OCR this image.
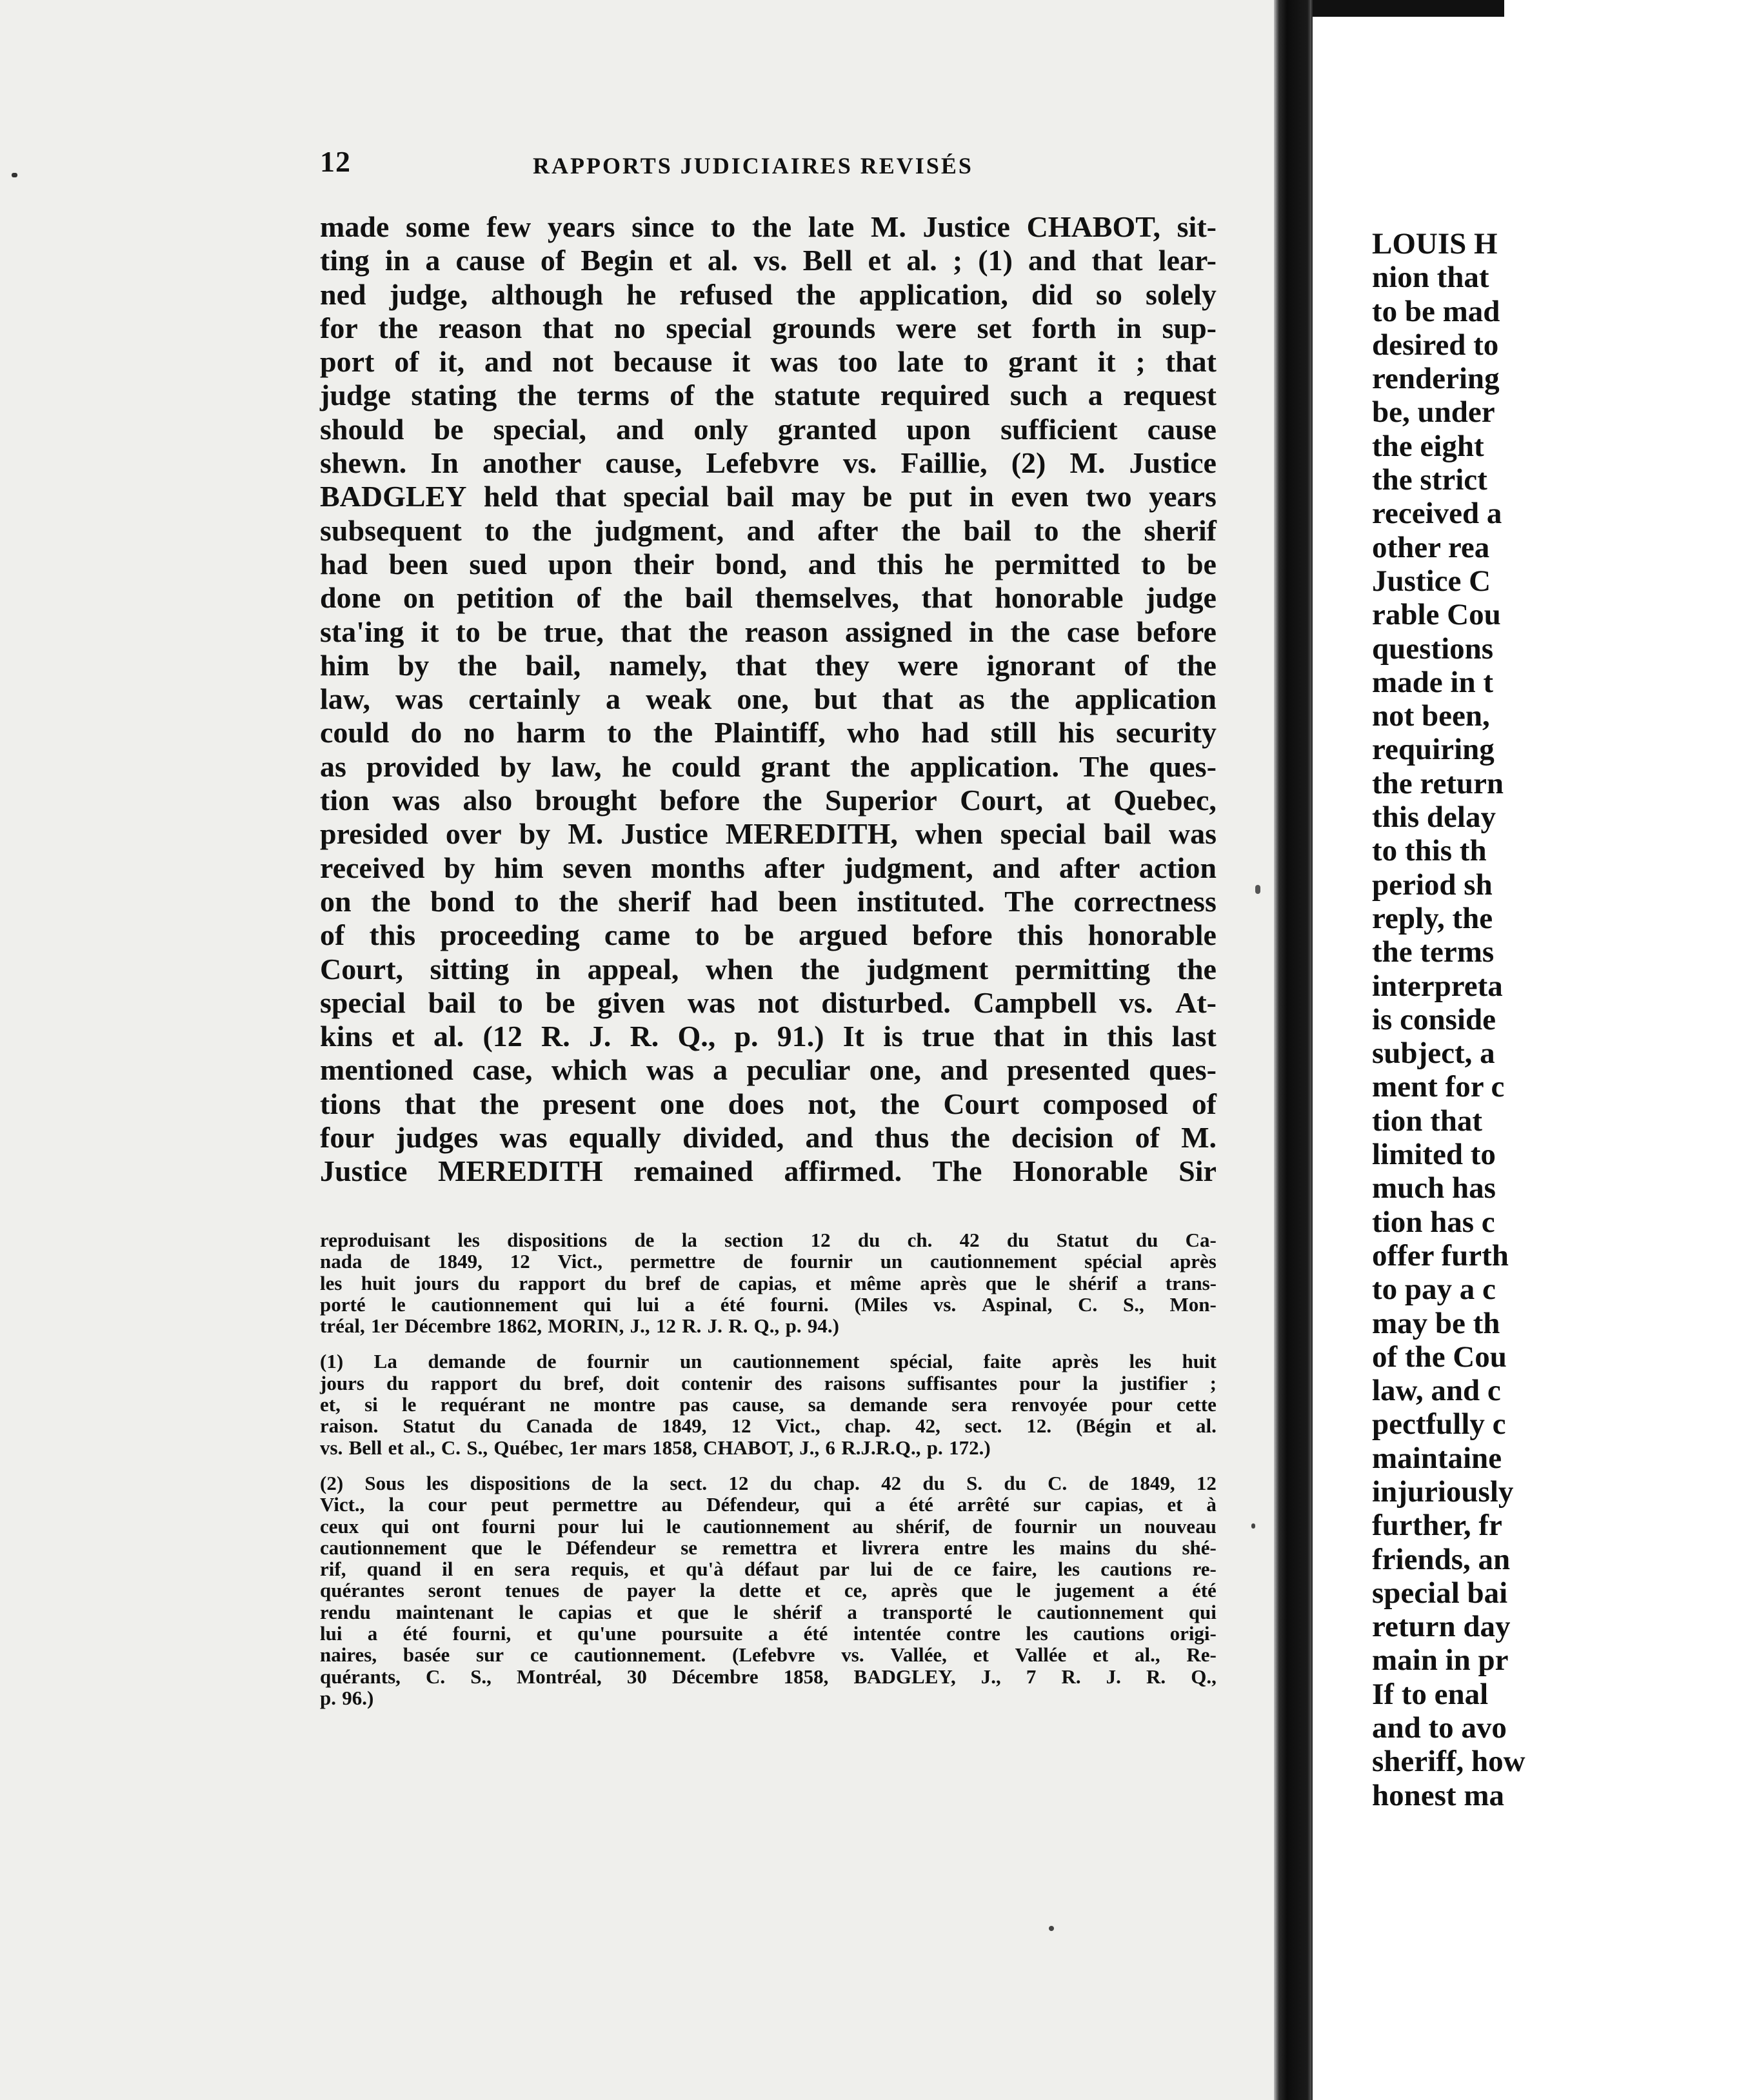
12	RAPPORTS JUDICIAIRES REVISÉS
made some few years since to the late M. Justice CHABOT, sit-
ting in a cause of Begin et al. vs. Bell et al. ; (1) and that lear-
ned judge, although he refused the application, did so solely
for the reason that no special grounds were set forth in sup-
port of it, and not because it was too late to grant it ; that
judge stating the terms of the statute required such a request
should be special, and only granted upon sufficient cause
shewn. In another cause, Lefebvre vs. Faillie, (2) M. Justice
BADGLEY held that special bail may be put in even two years
subsequent to the judgment, and after the bail to the sherif
had been sued upon their bond, and this he permitted to be
done on petition of the bail themselves, that honorable judge
sta'ing it to be true, that the reason assigned in the case before
him by the bail, namely, that they were ignorant of the
law, was certainly a weak one, but that as the application
could do no harm to the Plaintiff, who had still his security
as provided by law, he could grant the application. The ques-
tion was also brought before the Superior Court, at Quebec,
presided over by M. Justice MEREDITH, when special bail was
received by him seven months after judgment, and after action
on the bond to the sherif had been instituted. The correctness
of this proceeding came to be argued before this honorable
Court, sitting in appeal, when the judgment permitting the
special bail to be given was not disturbed. Campbell vs. At-
kins et al. (12 R. J. R. Q., p. 91.) It is true that in this last
mentioned case, which was a peculiar one, and presented ques-
tions that the present one does not, the Court composed of
four judges was equally divided, and thus the decision of M.
Justice MEREDITH remained affirmed. The Honorable Sir
reproduisant les dispositions de la section 12 du ch. 42 du Statut du Ca-
nada de 1849, 12 Vict., permettre de fournir un cautionnement spécial après
les huit jours du rapport du bref de capias, et même après que le shérif a trans-
porté le cautionnement qui lui a été fourni. (Miles vs. Aspinal, C. S., Mon-
tréal, 1er Décembre 1862, MORIN, J., 12 R. J. R. Q., p. 94.)
(1) La demande de fournir un cautionnement spécial, faite après les huit
jours du rapport du bref, doit contenir des raisons suffisantes pour la justifier ;
et, si le requérant ne montre pas cause, sa demande sera renvoyée pour cette
raison. Statut du Canada de 1849, 12 Vict., chap. 42, sect. 12. (Bégin et al.
vs. Bell et al., C. S., Québec, 1er mars 1858, CHABOT, J., 6 R.J.R.Q., p. 172.)
(2) Sous les dispositions de la sect. 12 du chap. 42 du S. du C. de 1849, 12
Vict., la cour peut permettre au Défendeur, qui a été arrêté sur capias, et à
ceux qui ont fourni pour lui le cautionnement au shérif, de fournir un nouveau
cautionnement que le Défendeur se remettra et livrera entre les mains du shé-
rif, quand il en sera requis, et qu'à défaut par lui de ce faire, les cautions re-
quérantes seront tenues de payer la dette et ce, après que le jugement a été
rendu maintenant le capias et que le shérif a transporté le cautionnement qui
lui a été fourni, et qu'une poursuite a été intentée contre les cautions origi-
naires, basée sur ce cautionnement. (Lefebvre vs. Vallée, et Vallée et al., Re-
quérants, C. S., Montréal, 30 Décembre 1858, BADGLEY, J., 7 R. J. R. Q.,
p. 96.)
LOUIS H
nion that
to be mad
desired to
rendering
be, under
the eight
the strict
received a
other rea
Justice C
rable Cou
questions
made in t
not been,
requiring
the return
this delay
to this th
period sh
reply, the
the terms
interpreta
is conside
subject, a
ment for c
tion that
limited to
much has
tion has c
offer furth
to pay a c
may be th
of the Cou
law, and c
pectfully c
maintaine
injuriously
further, fr
friends, an
special bai
return day
main in pr
If to enal
and to avo
sheriff, how
honest ma
